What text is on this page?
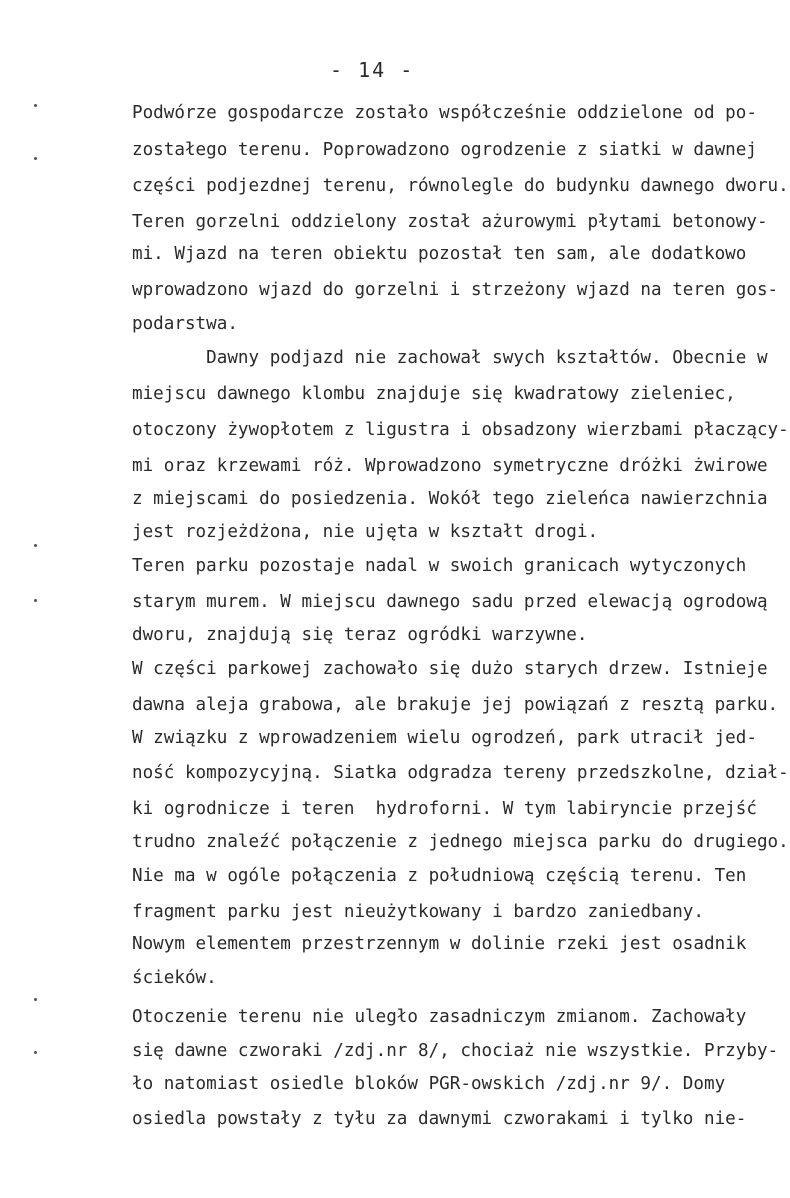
- 14 -
Podwórze gospodarcze zostało współcześnie oddzielone od po-
zostałego terenu. Poprowadzono ogrodzenie z siatki w dawnej
części podjezdnej terenu, równolegle do budynku dawnego dworu.
Teren gorzelni oddzielony został ażurowymi płytami betonowy-
mi. Wjazd na teren obiektu pozostał ten sam, ale dodatkowo
wprowadzono wjazd do gorzelni i strzeżony wjazd na teren gos-
podarstwa.
Dawny podjazd nie zachował swych kształtów. Obecnie w
miejscu dawnego klombu znajduje się kwadratowy zieleniec,
otoczony żywopłotem z ligustra i obsadzony wierzbami płaczący-
mi oraz krzewami róż. Wprowadzono symetryczne dróżki żwirowe
z miejscami do posiedzenia. Wokół tego zieleńca nawierzchnia
jest rozjeżdżona, nie ujęta w kształt drogi.
Teren parku pozostaje nadal w swoich granicach wytyczonych
starym murem. W miejscu dawnego sadu przed elewacją ogrodową
dworu, znajdują się teraz ogródki warzywne.
W części parkowej zachowało się dużo starych drzew. Istnieje
dawna aleja grabowa, ale brakuje jej powiązań z resztą parku.
W związku z wprowadzeniem wielu ogrodzeń, park utracił jed-
ność kompozycyjną. Siatka odgradza tereny przedszkolne, dział-
ki ogrodnicze i teren  hydroforni. W tym labiryncie przejść
trudno znaleźć połączenie z jednego miejsca parku do drugiego.
Nie ma w ogóle połączenia z południową częścią terenu. Ten
fragment parku jest nieużytkowany i bardzo zaniedbany.
Nowym elementem przestrzennym w dolinie rzeki jest osadnik
ścieków.
Otoczenie terenu nie uległo zasadniczym zmianom. Zachowały
się dawne czworaki /zdj.nr 8/, chociaż nie wszystkie. Przyby-
ło natomiast osiedle bloków PGR-owskich /zdj.nr 9/. Domy
osiedla powstały z tyłu za dawnymi czworakami i tylko nie-
